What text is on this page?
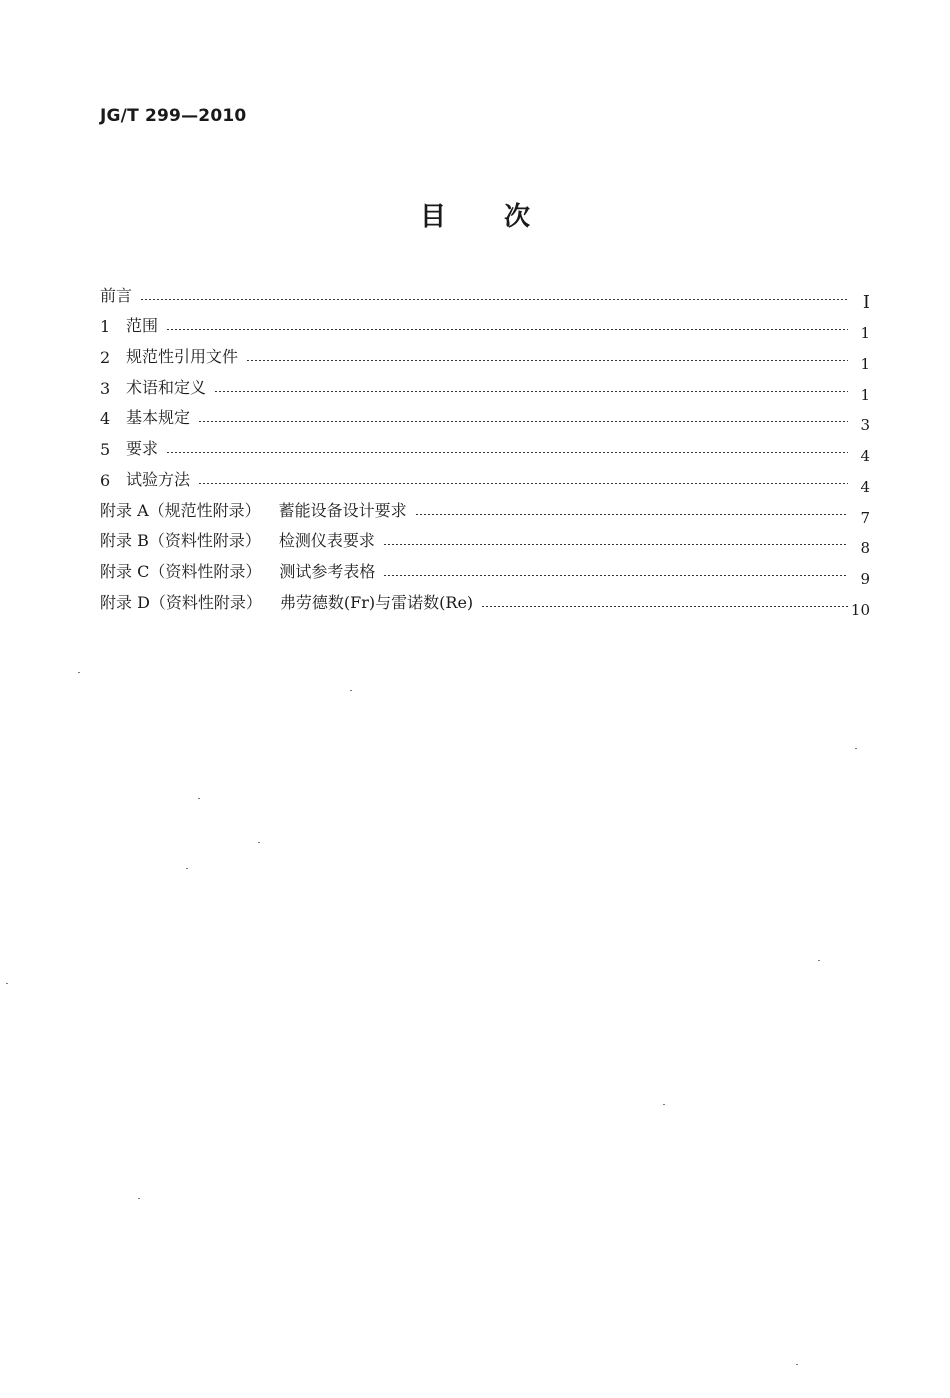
JG/T 299—2010
目 次
前言	I
1 范围	1
2 规范性引用文件	1
3 术语和定义	1
4 基本规定	3
5 要求	4
6 试验方法	4
附录 A（规范性附录） 蓄能设备设计要求	7
附录 B（资料性附录） 检测仪表要求	8
附录 C（资料性附录） 测试参考表格	9
附录 D（资料性附录） 弗劳德数(Fr)与雷诺数(Re)	10
